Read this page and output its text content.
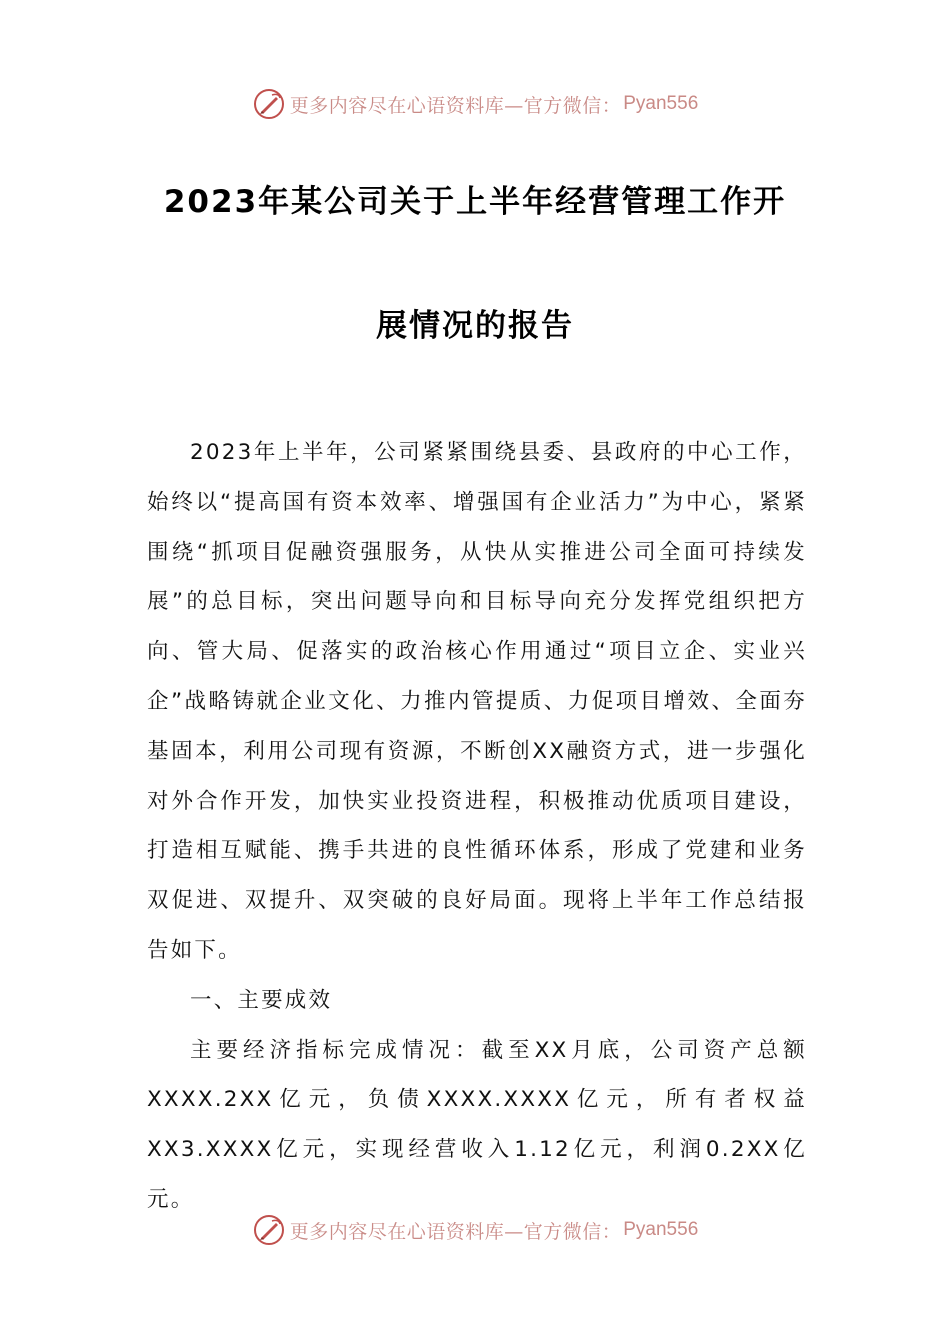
更多内容尽在心语资料库—官方微信： Pyan556
2023年某公司关于上半年经营管理工作开
展情况的报告

2023年上半年，公司紧紧围绕县委、县政府的中心工作，始终以“提高国有资本效率、增强国有企业活力”为中心，紧紧围绕“抓项目促融资强服务，从快从实推进公司全面可持续发展”的总目标，突出问题导向和目标导向充分发挥党组织把方向、管大局、促落实的政治核心作用通过“项目立企、实业兴企”战略铸就企业文化、力推内管提质、力促项目增效、全面夯基固本，利用公司现有资源，不断创XX融资方式，进一步强化对外合作开发，加快实业投资进程，积极推动优质项目建设，打造相互赋能、携手共进的良性循环体系，形成了党建和业务双促进、双提升、双突破的良好局面。现将上半年工作总结报告如下。

一、主要成效

主要经济指标完成情况：截至XX月底，公司资产总额XXXX.2XX亿元，负债XXXX.XXXX亿元，所有者权益XX3.XXXX亿元，实现经营收入1.12亿元，利润0.2XX亿元。

更多内容尽在心语资料库—官方微信： Pyan556
